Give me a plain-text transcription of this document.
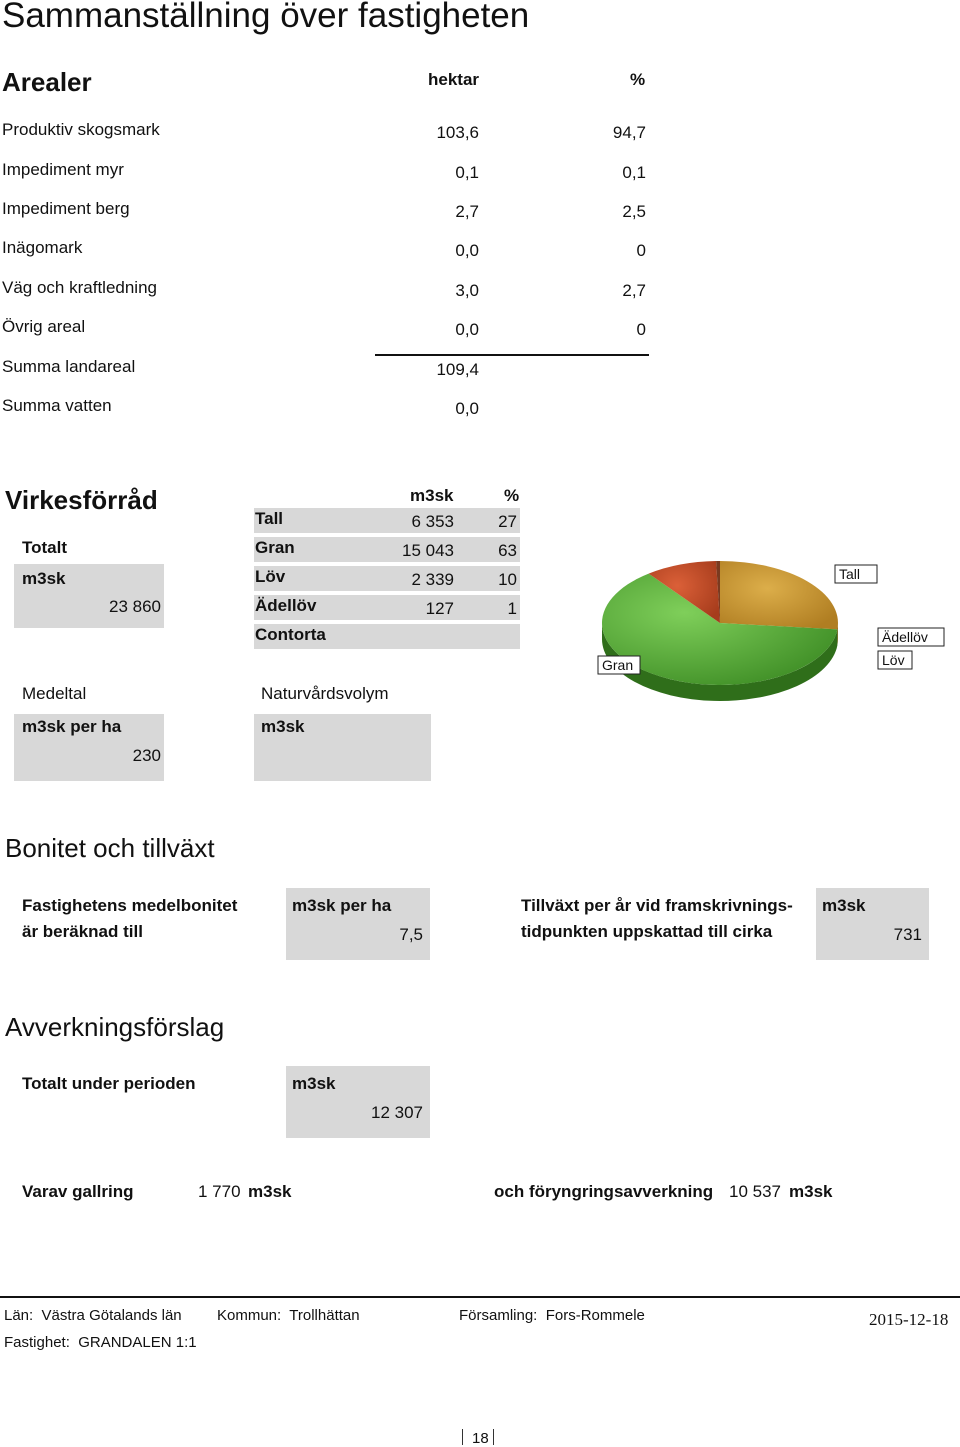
Sammanställning över fastigheten
Arealer	hektar	%
Produktiv skogsmark	103,6	94,7
Impediment myr	0,1	0,1
Impediment berg	2,7	2,5
Inägomark	0,0	0
Väg och kraftledning	3,0	2,7
Övrig areal	0,0	0
Summa landareal	109,4
Summa vatten	0,0
Virkesförråd
Totalt
m3sk
23 860
m3sk	%
Tall	6 353	27
Gran	15 043	63
Löv	2 339	10
Ädellöv	127	1
Contorta
Medeltal
m3sk per ha
230
Naturvårdsvolym
m3sk
Tall
Gran	Löv
Ädellöv
Bonitet och tillväxt
Fastighetens medelbonitet
är beräknad till
m3sk per ha
7,5
Tillväxt per år vid framskrivnings-
tidpunkten uppskattad till cirka
m3sk
731
Avverkningsförslag
Totalt under perioden	m3sk
12 307
Varav gallring	1 770 m3sk	och föryngringsavverkning 10 537 m3sk
Län: Västra Götalands län Kommun: Trollhättan	Församling: Fors-Rommele	2015-12-18
Fastighet: GRANDALEN 1:1
18
